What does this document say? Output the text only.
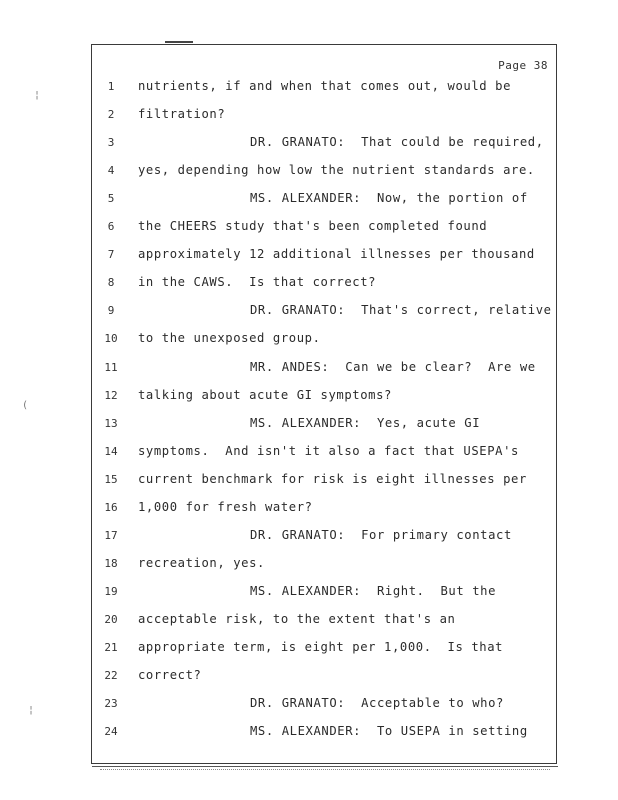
Page 38
1	nutrients, if and when that comes out, would be
2	filtration?
3	DR. GRANATO:  That could be required,
4	yes, depending how low the nutrient standards are.
5	MS. ALEXANDER:  Now, the portion of
6	the CHEERS study that's been completed found
7	approximately 12 additional illnesses per thousand
8	in the CAWS.  Is that correct?
9	DR. GRANATO:  That's correct, relative
10	to the unexposed group.
11	MR. ANDES:  Can we be clear?  Are we
12	talking about acute GI symptoms?
13	MS. ALEXANDER:  Yes, acute GI
14	symptoms.  And isn't it also a fact that USEPA's
15	current benchmark for risk is eight illnesses per
16	1,000 for fresh water?
17	DR. GRANATO:  For primary contact
18	recreation, yes.
19	MS. ALEXANDER:  Right.  But the
20	acceptable risk, to the extent that's an
21	appropriate term, is eight per 1,000.  Is that
22	correct?
23	DR. GRANATO:  Acceptable to who?
24	MS. ALEXANDER:  To USEPA in setting
¦
(
¦
